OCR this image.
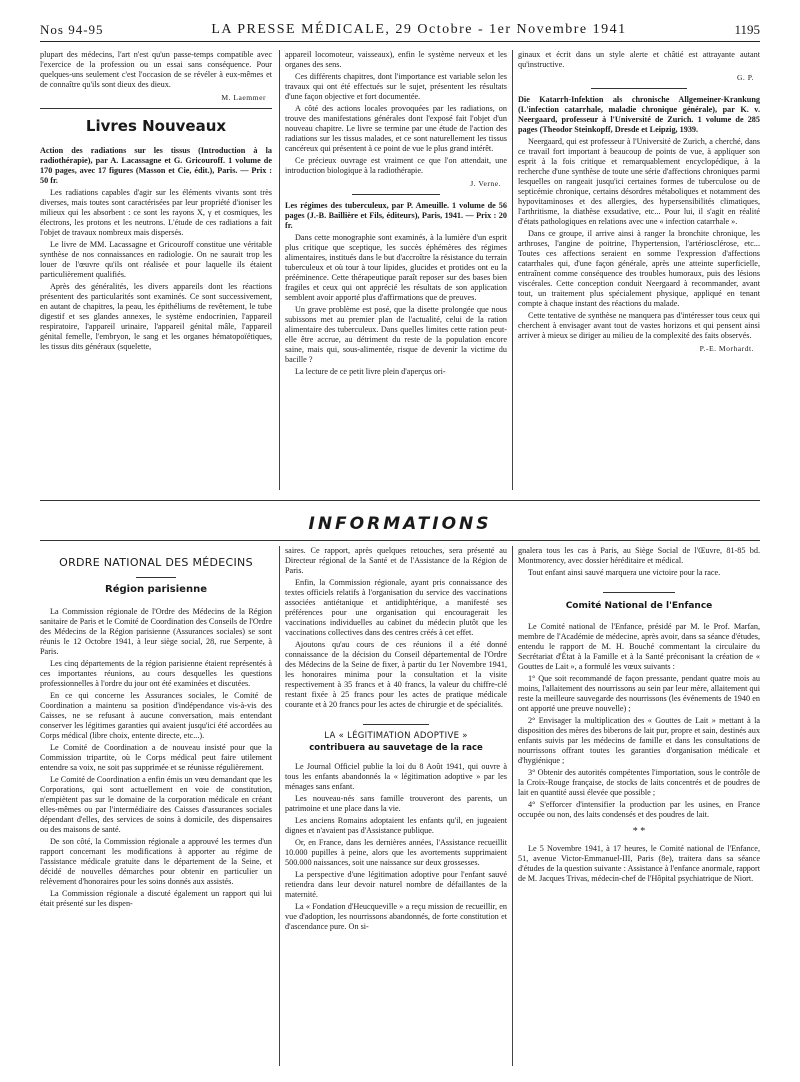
Nos 94-95	LA PRESSE MÉDICALE, 29 Octobre - 1er Novembre 1941	1195

plupart des médecins, l'art n'est qu'un passe-temps compatible avec l'exercice de la profession ou un essai sans conséquence. Pour quelques-uns seulement c'est l'occasion de se révéler à eux-mêmes et de connaître qu'ils sont dieux des dieux.

M. Laemmer
Livres Nouveaux

Action des radiations sur les tissus (Introduction à la radiothérapie), par A. Lacassagne et G. Gricouroff. 1 volume de 170 pages, avec 17 figures (Masson et Cie, édit.), Paris. — Prix : 50 fr.

Les radiations capables d'agir sur les éléments vivants sont très diverses, mais toutes sont caractérisées par leur propriété d'ioniser les milieux qui les absorbent : ce sont les rayons X, γ et cosmiques, les électrons, les protons et les neutrons. L'étude de ces radiations a fait l'objet de travaux nombreux mais dispersés.

Le livre de MM. Lacassagne et Gricouroff constitue une véritable synthèse de nos connaissances en radiologie. On ne saurait trop les louer de l'œuvre qu'ils ont réalisée et pour laquelle ils étaient particulièrement qualifiés.

Après des généralités, les divers appareils dont les réactions présentent des particularités sont examinés. Ce sont successivement, en autant de chapitres, la peau, les épithéliums de revêtement, le tube digestif et ses glandes annexes, le système endocrinien, l'appareil respiratoire, l'appareil urinaire, l'appareil génital mâle, l'appareil génital femelle, l'embryon, le sang et les organes hématopoïétiques, les tissus dits généraux (squelette,

appareil locomoteur, vaisseaux), enfin le système nerveux et les organes des sens.

Ces différents chapitres, dont l'importance est variable selon les travaux qui ont été effectués sur le sujet, présentent les résultats d'une façon objective et fort documentée.

A côté des actions locales provoquées par les radiations, on trouve des manifestations générales dont l'exposé fait l'objet d'un nouveau chapitre. Le livre se termine par une étude de l'action des radiations sur les tissus malades, et ce sont naturellement les tissus cancéreux qui présentent à ce point de vue le plus grand intérêt.

Ce précieux ouvrage est vraiment ce que l'on attendait, une introduction biologique à la radiothérapie.

J. Verne.

Les régimes des tuberculeux, par P. Ameuille. 1 volume de 56 pages (J.-B. Baillière et Fils, éditeurs), Paris, 1941. — Prix : 20 fr.

Dans cette monographie sont examinés, à la lumière d'un esprit plus critique que sceptique, les succès éphémères des régimes alimentaires, institués dans le but d'accroître la résistance du terrain tuberculeux et où tour à tour lipides, glucides et protides ont eu la prééminence. Cette thérapeutique paraît reposer sur des bases bien fragiles et ceux qui ont apprécié les résultats de son application semblent avoir apporté plus d'affirmations que de preuves.

Un grave problème est posé, que la disette prolongée que nous subissons met au premier plan de l'actualité, celui de la ration alimentaire des tuberculeux. Dans quelles limites cette ration peut-elle être accrue, au détriment du reste de la population encore saine, mais qui, sous-alimentée, risque de devenir la victime du bacille ?

La lecture de ce petit livre plein d'aperçus ori-

ginaux et écrit dans un style alerte et châtié est attrayante autant qu'instructive.

G. P.

Die Katarrh-Infektion als chronische Allgemeiner-Krankung (L'infection catarrhale, maladie chronique générale), par K. v. Neergaard, professeur à l'Université de Zurich. 1 volume de 285 pages (Theodor Steinkopff, Dresde et Leipzig, 1939.

Neergaard, qui est professeur à l'Université de Zurich, a cherché, dans ce travail fort important à beaucoup de points de vue, à appliquer son esprit à la fois critique et remarquablement encyclopédique, à la recherche d'une synthèse de toute une série d'affections chroniques parmi lesquelles on rangeait jusqu'ici certaines formes de tuberculose ou de septicémie chronique, certains désordres métaboliques et notamment des hypovitaminoses et des allergies, des hypersensibilités climatiques, l'arthritisme, la diathèse exsudative, etc... Pour lui, il s'agit en réalité d'états pathologiques en relations avec une « infection catarrhale ».

Dans ce groupe, il arrive ainsi à ranger la bronchite chronique, les arthroses, l'angine de poitrine, l'hypertension, l'artériosclérose, etc... Toutes ces affections seraient en somme l'expression d'affections catarrhales qui, d'une façon générale, après une atteinte superficielle, entraînent comme conséquence des troubles humoraux, puis des lésions viscérales. Cette conception conduit Neergaard à recommander, avant tout, un traitement plus spécialement physique, appliqué en tenant compte à chaque instant des réactions du malade.

Cette tentative de synthèse ne manquera pas d'intéresser tous ceux qui cherchent à envisager avant tout de vastes horizons et qui pensent ainsi arriver à mieux se diriger au milieu de la complexité des faits observés.

P.-E. Morhardt.
INFORMATIONS
ORDRE NATIONAL DES MÉDECINS
Région parisienne

La Commission régionale de l'Ordre des Médecins de la Région sanitaire de Paris et le Comité de Coordination des Conseils de l'Ordre des Médecins de la Région parisienne (Assurances sociales) se sont réunis le 12 Octobre 1941, à leur siège social, 28, rue Serpente, à Paris.

Les cinq départements de la région parisienne étaient représentés à ces importantes réunions, au cours desquelles les questions professionnelles à l'ordre du jour ont été examinées et discutées.

En ce qui concerne les Assurances sociales, le Comité de Coordination a maintenu sa position d'indépendance vis-à-vis des Caisses, ne se refusant à aucune conversation, mais entendant conserver les légitimes garanties qui avaient jusqu'ici été accordées au Corps médical (libre choix, entente directe, etc...).

Le Comité de Coordination a de nouveau insisté pour que la Commission tripartite, où le Corps médical peut faire utilement entendre sa voix, ne soit pas supprimée et se réunisse régulièrement.

Le Comité de Coordination a enfin émis un vœu demandant que les Corporations, qui sont actuellement en voie de constitution, n'empiètent pas sur le domaine de la corporation médicale en créant elles-mêmes ou par l'intermédiaire des Caisses d'assurances sociales dépendant d'elles, des services de soins à domicile, des dispensaires ou des maisons de santé.

De son côté, la Commission régionale a approuvé les termes d'un rapport concernant les modifications à apporter au régime de l'assistance médicale gratuite dans le département de la Seine, et décidé de nouvelles démarches pour obtenir en particulier un relèvement d'honoraires pour les soins donnés aux assistés.

La Commission régionale a discuté également un rapport qui lui était présenté sur les dispen-

saires. Ce rapport, après quelques retouches, sera présenté au Directeur régional de la Santé et de l'Assistance de la Région de Paris.

Enfin, la Commission régionale, ayant pris connaissance des textes officiels relatifs à l'organisation du service des vaccinations associées antiétanique et antidiphtérique, a manifesté ses préférences pour une organisation qui encouragerait les vaccinations individuelles au cabinet du médecin plutôt que les vaccinations collectives dans des centres créés à cet effet.

Ajoutons qu'au cours de ces réunions il a été donné connaissance de la décision du Conseil départemental de l'Ordre des Médecins de la Seine de fixer, à partir du 1er Novembre 1941, les honoraires minima pour la consultation et la visite respectivement à 35 francs et à 40 francs, la valeur du chiffre-clé restant fixée à 25 francs pour les actes de pratique médicale courante et à 20 francs pour les actes de chirurgie et de spécialités.

LA « LÉGITIMATION ADOPTIVE »
contribuera au sauvetage de la race

Le Journal Officiel publie la loi du 8 Août 1941, qui ouvre à tous les enfants abandonnés la « légitimation adoptive » par les ménages sans enfant.

Les nouveau-nés sans famille trouveront des parents, un patrimoine et une place dans la vie.

Les anciens Romains adoptaient les enfants qu'il, en jugeaient dignes et n'avaient pas d'Assistance publique.

Or, en France, dans les dernières années, l'Assistance recueillit 10.000 pupilles à peine, alors que les avortements supprimaient 500.000 naissances, soit une naissance sur deux grossesses.

La perspective d'une légitimation adoptive pour l'enfant sauvé retiendra dans leur devoir naturel nombre de défaillantes de la maternité.

La « Fondation d'Heucqueville » a reçu mission de recueillir, en vue d'adoption, les nourrissons abandonnés, de forte constitution et d'ascendance pure. On si-

gnalera tous les cas à Paris, au Siège Social de l'Œuvre, 81-85 bd. Montmorency, avec dossier héréditaire et médical.

Tout enfant ainsi sauvé marquera une victoire pour la race.

Comité National de l'Enfance

Le Comité national de l'Enfance, présidé par M. le Prof. Marfan, membre de l'Académie de médecine, après avoir, dans sa séance d'études, entendu le rapport de M. H. Bouché commentant la circulaire du Secrétariat d'État à la Famille et à la Santé préconisant la création de « Gouttes de Lait », a formulé les vœux suivants :

1° Que soit recommandé de façon pressante, pendant quatre mois au moins, l'allaitement des nourrissons au sein par leur mère, allaitement qui reste la meilleure sauvegarde des nourrissons (les événements de 1940 en ont apporté une preuve nouvelle) ;

2° Envisager la multiplication des « Gouttes de Lait » mettant à la disposition des mères des biberons de lait pur, propre et sain, destinés aux enfants suivis par les médecins de famille et dans les consultations de nourrissons offrant toutes les garanties d'organisation médicale et d'hygiénique ;

3° Obtenir des autorités compétentes l'importation, sous le contrôle de la Croix-Rouge française, de stocks de laits concentrés et de poudres de lait en quantité aussi élevée que possible ;

4° S'efforcer d'intensifier la production par les usines, en France occupée ou non, des laits condensés et des poudres de lait.

* *

Le 5 Novembre 1941, à 17 heures, le Comité national de l'Enfance, 51, avenue Victor-Emmanuel-III, Paris (8e), traitera dans sa séance d'études de la question suivante : Assistance à l'enfance anormale, rapport de M. Jacques Trivas, médecin-chef de l'Hôpital psychiatrique de Niort.
